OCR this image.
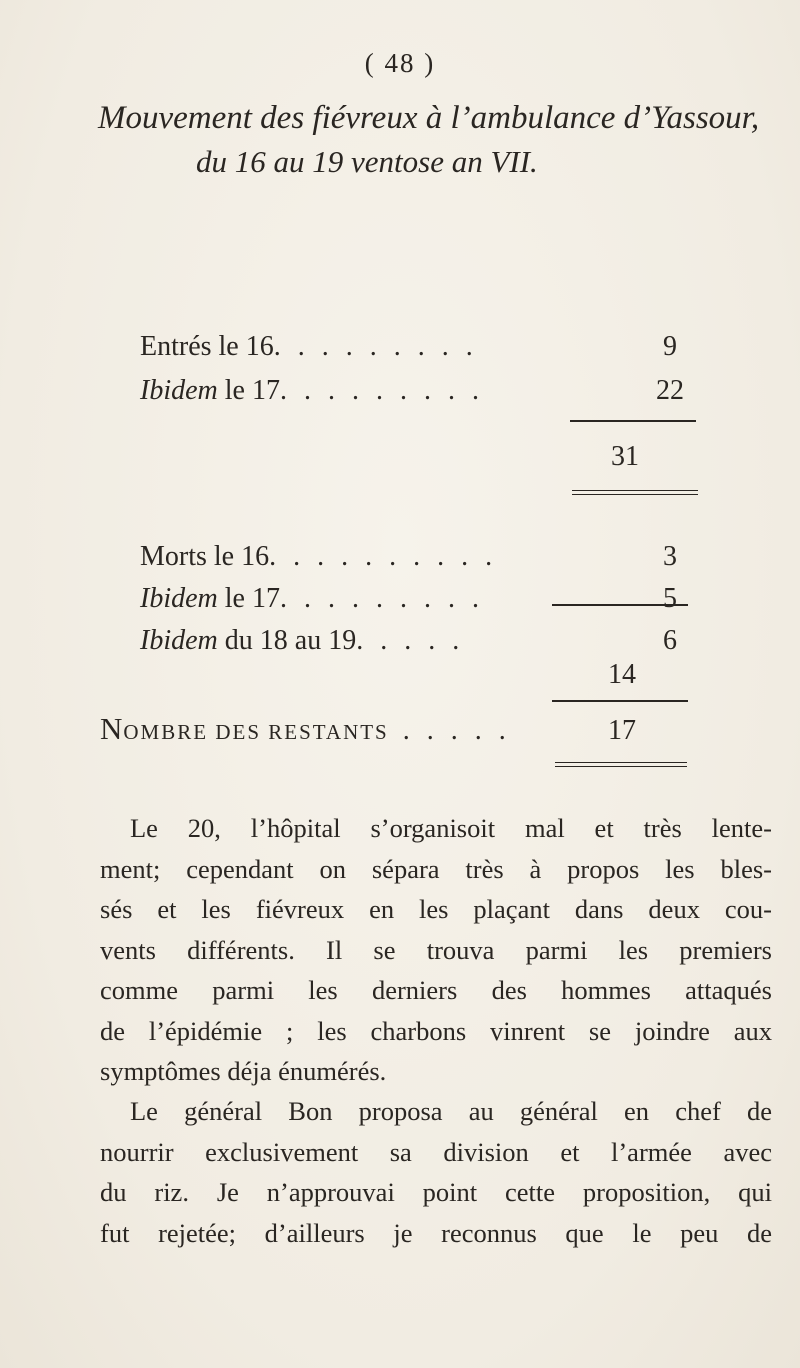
( 48 )
Mouvement des fiévreux à l’ambulance d’Yassour,
du 16 au 19 ventose an VII.
Entrés le 16. . . . . . . . .	9
Ibidem le 17. . . . . . . . .	22
31
Morts le 16. . . . . . . . . .	3
Ibidem le 17. . . . . . . . .	5
Ibidem du 18 au 19. . . . .	6
14
NOMBRE DES RESTANTS . . . . .	17
Le 20, l’hôpital s’organisoit mal et très lente-
ment; cependant on sépara très à propos les bles-
sés et les fiévreux en les plaçant dans deux cou-
vents différents. Il se trouva parmi les premiers
comme parmi les derniers des hommes attaqués
de l’épidémie ; les charbons vinrent se joindre aux
symptômes déja énumérés.
Le général Bon proposa au général en chef de
nourrir exclusivement sa division et l’armée avec
du riz. Je n’approuvai point cette proposition, qui
fut rejetée; d’ailleurs je reconnus que le peu de
